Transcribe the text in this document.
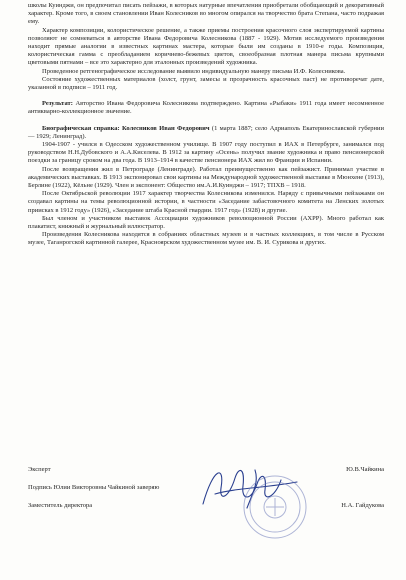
школы Куинджи, он предпочитал писать пейзажи, в которых натурные впечатления приобретали обобщающий и декоративный характер. Кроме того, в своем становлении Иван Колесников во многом опирался на творчество брата Степана, часто подражая ему.

Характер композиции, колористическое решение, а также приемы построения красочного слоя экспертируемой картины позволяют не сомневаться в авторстве Ивана Федоровича Колесникова (1887 - 1929). Мотив исследуемого произведения находит прямые аналогии в известных картинах мастера, которые были им созданы в 1910-е годы. Композиция, колористическая гамма с преобладанием коричнево-бежевых цветов, своеобразная плотная манера письма крупными цветовыми пятнами – все это характерно для эталонных произведений художника.

Проведенное ретгенографическое исследование выявило индивидуальную манеру письма И.Ф. Колесникова.

Состояние художественных материалов (холст, грунт, замесы и прозрачность красочных паст) не противоречат дате, указанной в подписи – 1911 год.

Результат: Авторство Ивана Федоровича Колесникова подтверждено. Картина «Рыбаки» 1911 года имеет несомненное антикварно-коллекционное значение.

Биографическая справка: Колесников Иван Федорович (1 марта 1887; село Адриаполь Екатеринославской губернии — 1929; Ленинград).

1904-1907 - учился в Одесском художественном училище. В 1907 году поступил в ИАХ в Петербурге, занимался под руководством Н.Н.Дубовского и А.А.Киселева. В 1912 за картину «Осень» получил звание художника и право пенсионерской поездки за границу сроком на два года. В 1913–1914 в качестве пенсионера ИАХ жил во Франции и Испании.

После возвращения жил в Петрограде (Ленинграде). Работал преимущественно как пейзажист. Принимал участие в академических выставках. В 1913 экспонировал свои картины на Международной художественной выставке в Мюнхене (1913), Берлине (1922), Кёльне (1929). Член и экспонент: Общество им.А.И.Куинджи – 1917; ТПХВ – 1918.

После Октябрьской революции 1917 характер творчества Колесникова изменился. Наряду с привычными пейзажами он создавал картины на темы революционной истории, в частности «Заседание забастовочного комитета на Ленских золотых приисках в 1912 году» (1926), «Заседание штаба Красной гвардии. 1917 год» (1928) и другие.

Был членом и участником выставок Ассоциации художников революционной России (АХРР). Много работал как плакатист, книжный и журнальный иллюстратор.

Произведения Колесникова находятся в собраниях областных музеев и в частных коллекциях, в том числе в Русском музее, Таганрогской картинной галерее, Красноярском художественном музее им. В. И. Сурикова и других.

Эксперт	Ю.В.Чайкина
Подпись Юлии Викторовны Чайкиной заверяю
Заместитель директора	Н.А. Гайдукова
